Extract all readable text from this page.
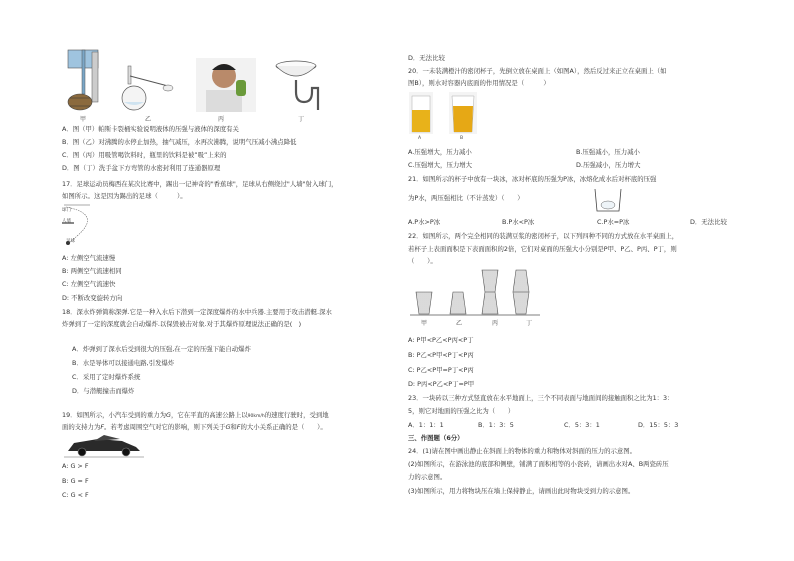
甲	乙	丙	丁
A．图（甲）帕斯卡裂桶实验说明液体的压强与液体的深度有关
B．图（乙）对沸腾的水停止加热，抽气减压，水再次沸腾，说明气压减小沸点降低
C．图（丙）用吸管喝饮料时，瓶里的饮料是被”吸”上来的
D．图（丁）洗手盆下方弯管的水密封利用了连通器原理
17．足球运动员梅西在某次比赛中，踢出一记神奇的"香蕉球"，足球从右侧绕过"人墙"射入球门，
如图所示。这是因为踢出的足球（　　　）。
球门
人墙
足球
A: 左侧空气流速慢
B: 两侧空气流速相同
C: 左侧空气流速快
D: 不断改变旋转方向
18．深水炸弹简称深弹.它是一种入水后下潜到一定深度爆炸的水中兵器.主要用于攻击潜艇.深水
炸弹到了一定的深度就会自动爆炸.以保毁被击对象.对于其爆炸原理说法正确的是(　)
A．炸弹到了深水后受到很大的压强,在一定的压强下能自动爆炸
B．水是导体可以接通电路,引发爆炸
C．采用了定时爆炸系统
D．与潜艇撞击而爆炸
19．如图所示，小汽车受到的重力为G，它在平直的高速公路上以90km/h的速度行驶时，受到地
面的支持力为F。若考虑周围空气对它的影响，则下列关于G和F的大小关系正确的是（　　）。
A: G > F
B: G = F
C: G < F
D．无法比较
20．一未装满橙汁的密闭杯子，先倒立放在桌面上（如图A），然后反过来正立在桌面上（如
图B），则水对容器内底面的作用情况是（　　　）
A	B
A.压强增大，压力减小	B.压强减小，压力减小
C.压强增大，压力增大	D.压强减小，压力增大
21．如图所示的杯子中放有一块冰，冰对杯底的压强为P冰，冰熔化成水后对杯底的压强
为P水，两压强相比（不计蒸发）（　　）
A.P水>P冰	B.P水<P冰	C.P水=P冰	D．无法比较
22．如图所示，两个完全相同的装满豆浆的密闭杯子，以下列四种不同的方式放在水平桌面上，
若杯子上表面面积是下表面面积的2倍，它们对桌面的压强大小分别是P甲、P乙、P丙、P丁，则
（　　）。
甲	乙	丙	丁
A: P甲<P乙<P丙<P丁
B: P乙<P甲<P丁<P丙
C: P乙<P甲=P丁<P丙
D: P丙<P乙<P丁=P甲
23．一块砖以三种方式竖直放在水平地面上，三个不同表面与地面间的接触面积之比为1：3：
5，则它对地面的压强之比为（　　）
A．1：1：1	B．1：3：5	C．5：3：1	D．15：5：3
三、作图题（6分）
24．(1)请在图中画出静止在斜面上的物体的重力和物体对斜面的压力的示意图。
(2)如图所示，在游泳池的底部和侧壁，铺满了面积相等的小瓷砖，请画出水对A、B两瓷砖压
力的示意图。
(3)如图所示，用力将物块压在墙上保持静止，请画出此时物块受到力的示意图。
